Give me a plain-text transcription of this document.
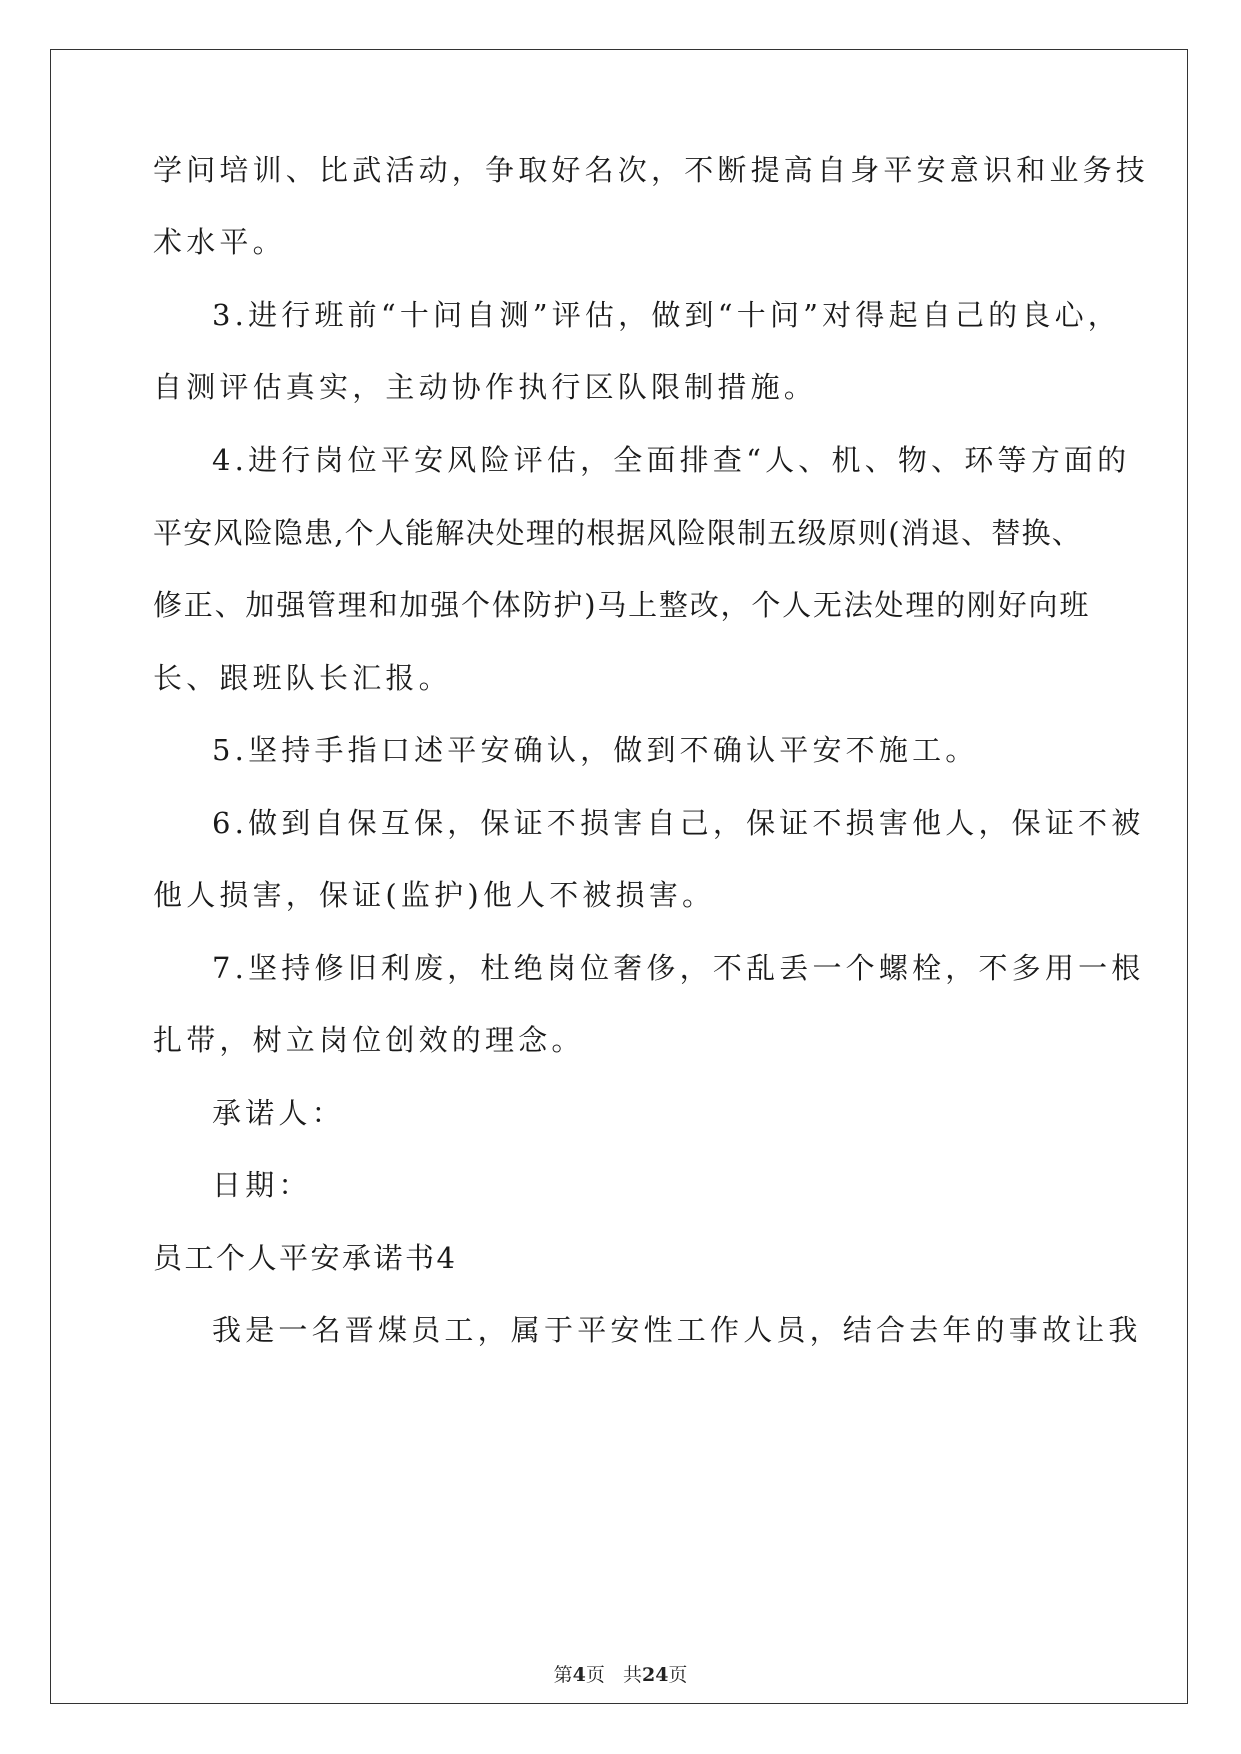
学问培训、比武活动，争取好名次，不断提高自身平安意识和业务技
术水平。
3.进行班前“十问自测”评估，做到“十问”对得起自己的良心，
自测评估真实，主动协作执行区队限制措施。
4.进行岗位平安风险评估，全面排查“人、机、物、环等方面的
平安风险隐患,个人能解决处理的根据风险限制五级原则(消退、替换、
修正、加强管理和加强个体防护)马上整改，个人无法处理的刚好向班
长、跟班队长汇报。
5.坚持手指口述平安确认，做到不确认平安不施工。
6.做到自保互保，保证不损害自己，保证不损害他人，保证不被
他人损害，保证(监护)他人不被损害。
7.坚持修旧利废，杜绝岗位奢侈，不乱丢一个螺栓，不多用一根
扎带，树立岗位创效的理念。
承诺人：
日期：
员工个人平安承诺书4
我是一名晋煤员工，属于平安性工作人员，结合去年的事故让我
第4页 共24页
